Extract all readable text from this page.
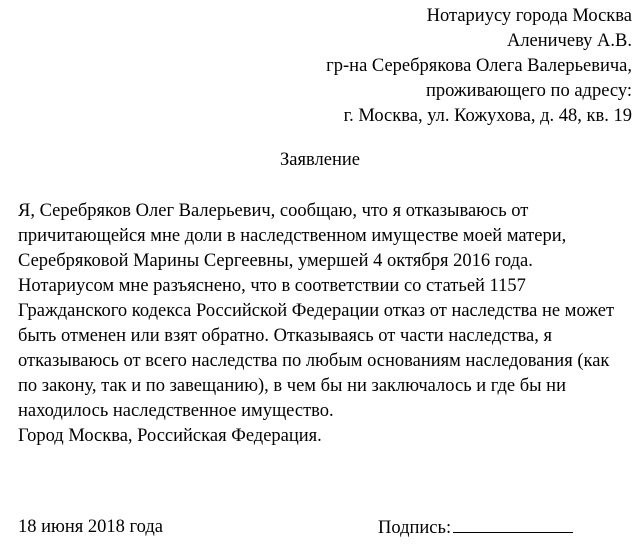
Нотариусу города Москва
Аленичеву А.В.
гр-на Серебрякова Олега Валерьевича,
проживающего по адресу:
г. Москва, ул. Кожухова, д. 48, кв. 19
Заявление

Я, Серебряков Олег Валерьевич, сообщаю, что я отказываюсь от причитающейся мне доли в наследственном имуществе моей матери, Серебряковой Марины Сергеевны, умершей 4 октября 2016 года.

Нотариусом мне разъяснено, что в соответствии со статьей 1157 Гражданского кодекса Российской Федерации отказ от наследства не может быть отменен или взят обратно. Отказываясь от части наследства, я отказываюсь от всего наследства по любым основаниям наследования (как по закону, так и по завещанию), в чем бы ни заключалось и где бы ни находилось наследственное имущество.

Город Москва, Российская Федерация.

18 июня 2018 года	Подпись:
